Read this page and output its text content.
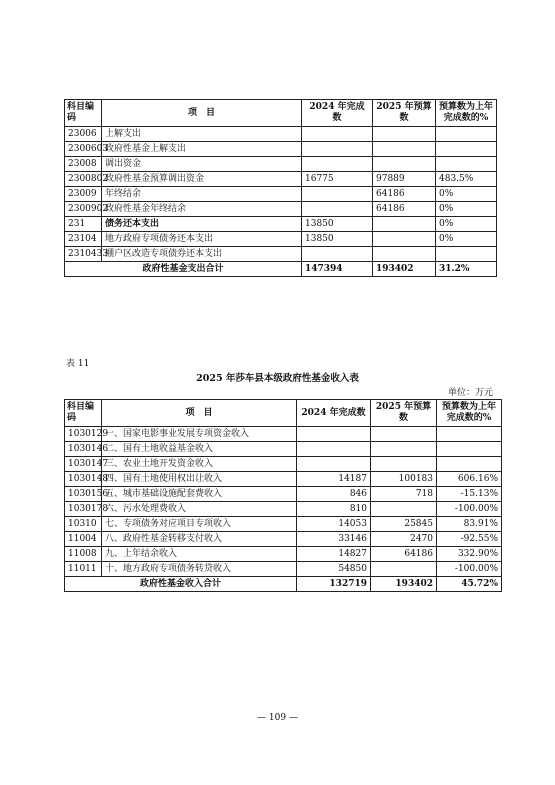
科目编码	项　目	2024 年完成数	2025 年预算数	预算数为上年完成数的%
23006	上解支出			
2300603	政府性基金上解支出			
23008	调出资金			
2300802	政府性基金预算调出资金	16775	97889	483.5%
23009	年终结余		64186	0%
2300902	政府性基金年终结余		64186	0%
231	债务还本支出	13850		0%
23104	地方政府专项债务还本支出	13850		0%
2310433	棚户区改造专项债券还本支出			
政府性基金支出合计		147394	193402	31.2%
表 11
2025 年莎车县本级政府性基金收入表
单位：万元
科目编码	项　目	2024 年完成数	2025 年预算数	预算数为上年完成数的%
1030129	一、国家电影事业发展专项资金收入			
1030146	二、国有土地收益基金收入			
1030147	三、农业土地开发资金收入			
1030148	四、国有土地使用权出让收入	14187	100183	606.16%
1030156	五、城市基础设施配套费收入	846	718	-15.13%
1030178	六、污水处理费收入	810		-100.00%
10310	七、专项债务对应项目专项收入	14053	25845	83.91%
11004	八、政府性基金转移支付收入	33146	2470	-92.55%
11008	九、上年结余收入	14827	64186	332.90%
11011	十、地方政府专项债务转贷收入	54850		-100.00%
政府性基金收入合计		132719	193402	45.72%
— 109 —
